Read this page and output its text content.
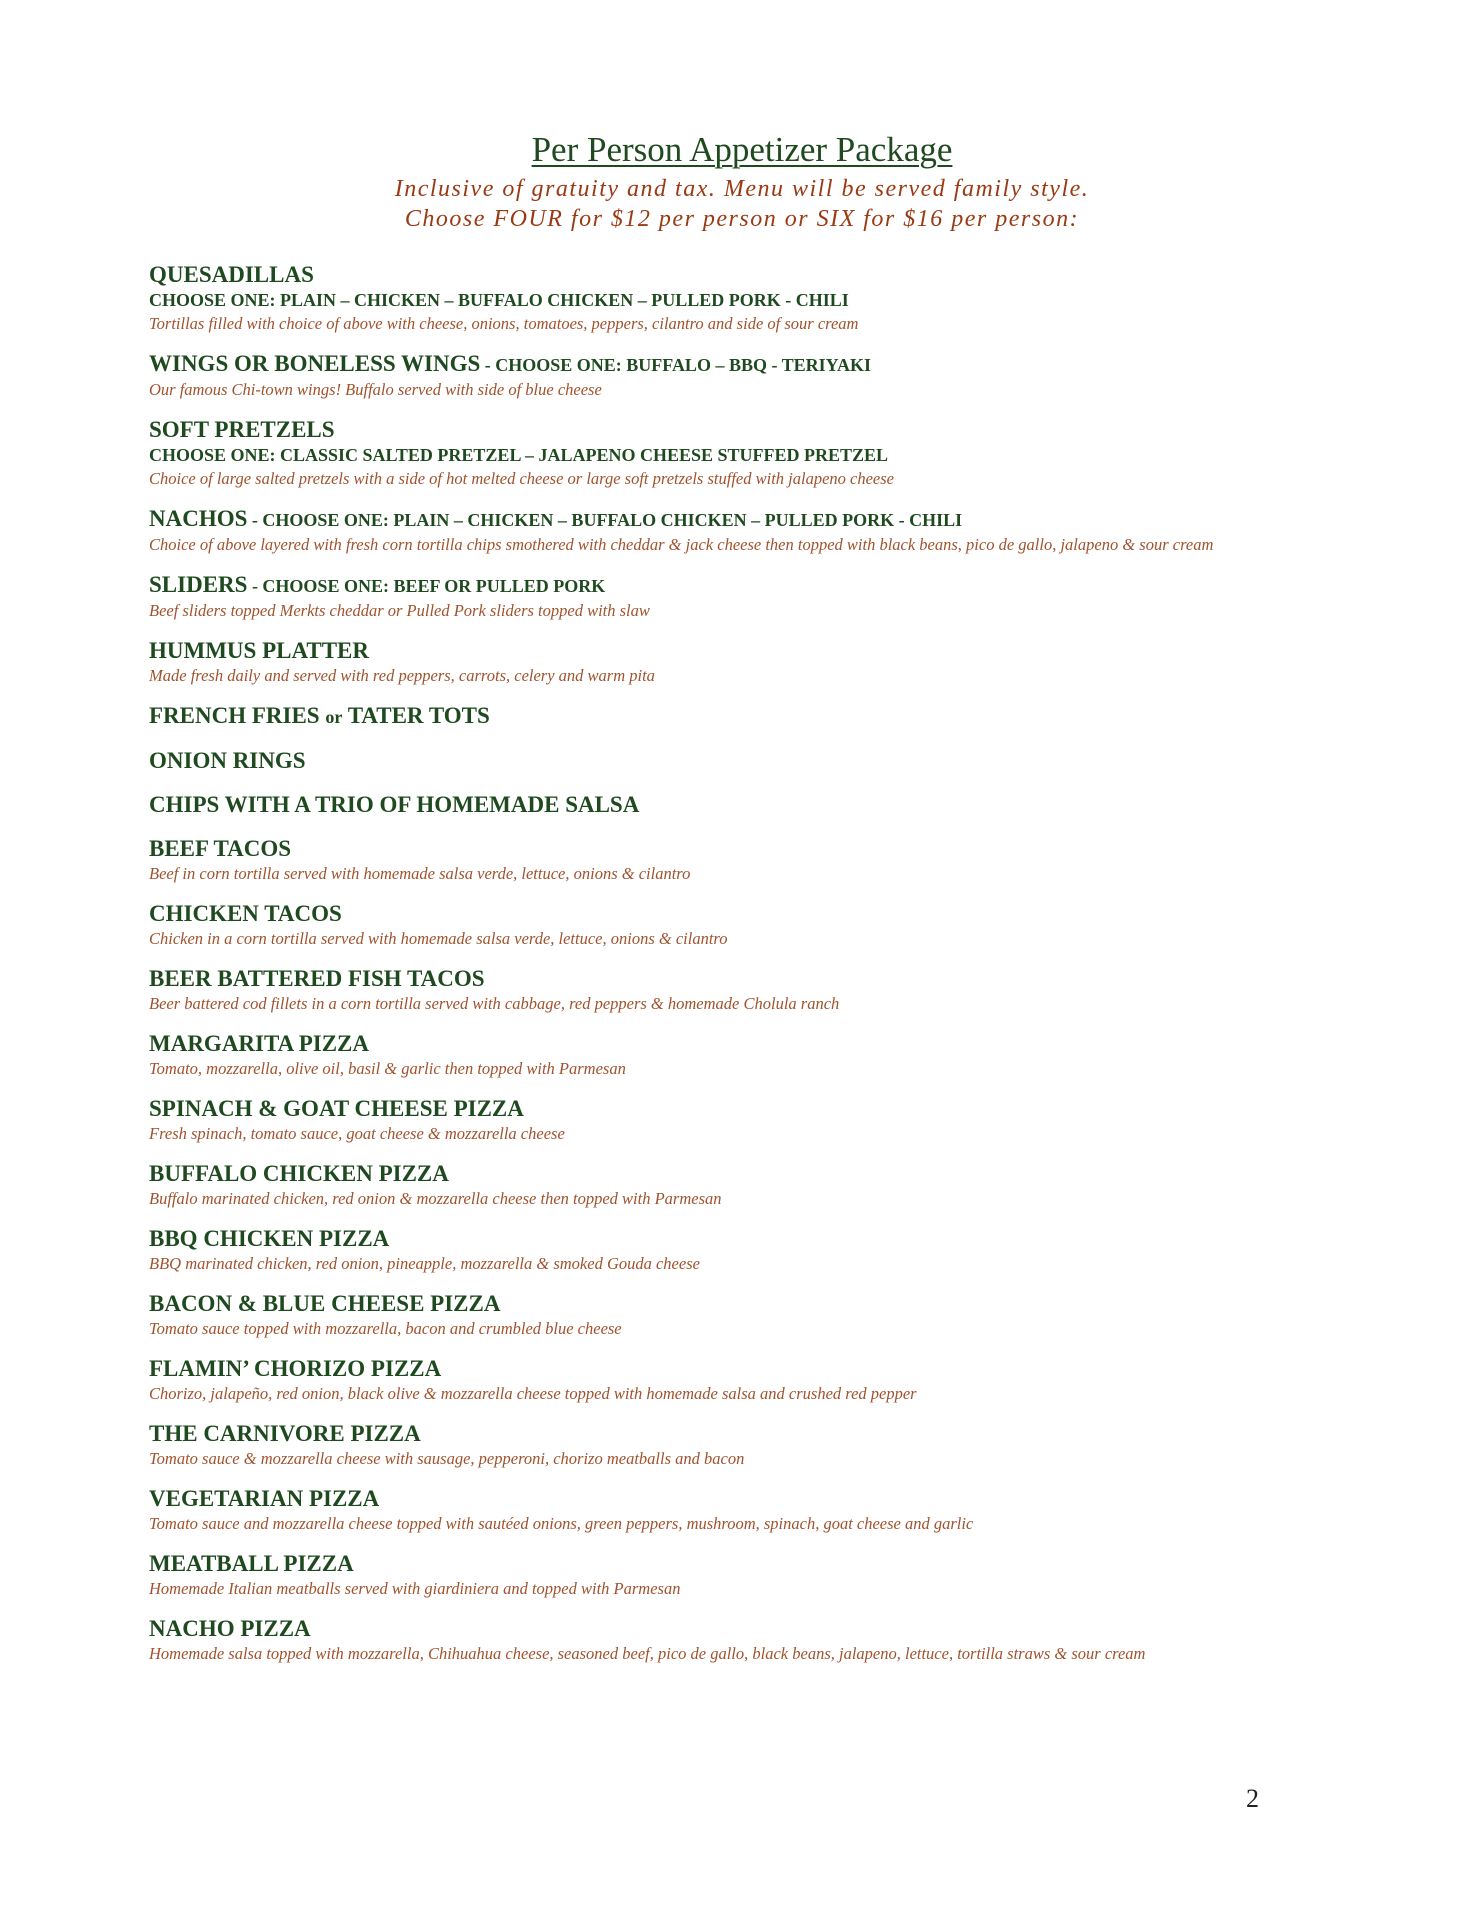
Per Person Appetizer Package
Inclusive of gratuity and tax. Menu will be served family style.
Choose FOUR for $12 per person or SIX for $16 per person:
QUESADILLAS
CHOOSE ONE: PLAIN – CHICKEN – BUFFALO CHICKEN – PULLED PORK - CHILI
Tortillas filled with choice of above with cheese, onions, tomatoes, peppers, cilantro and side of sour cream
WINGS OR BONELESS WINGS - CHOOSE ONE: BUFFALO – BBQ - TERIYAKI
Our famous Chi-town wings! Buffalo served with side of blue cheese
SOFT PRETZELS
CHOOSE ONE: CLASSIC SALTED PRETZEL – JALAPENO CHEESE STUFFED PRETZEL
Choice of large salted pretzels with a side of hot melted cheese or large soft pretzels stuffed with jalapeno cheese
NACHOS - CHOOSE ONE: PLAIN – CHICKEN – BUFFALO CHICKEN – PULLED PORK - CHILI
Choice of above layered with fresh corn tortilla chips smothered with cheddar & jack cheese then topped with black beans, pico de gallo, jalapeno & sour cream
SLIDERS - CHOOSE ONE: BEEF OR PULLED PORK
Beef sliders topped Merkts cheddar or Pulled Pork sliders topped with slaw
HUMMUS PLATTER
Made fresh daily and served with red peppers, carrots, celery and warm pita
FRENCH FRIES or TATER TOTS
ONION RINGS
CHIPS WITH A TRIO OF HOMEMADE SALSA
BEEF TACOS
Beef in corn tortilla served with homemade salsa verde, lettuce, onions & cilantro
CHICKEN TACOS
Chicken in a corn tortilla served with homemade salsa verde, lettuce, onions & cilantro
BEER BATTERED FISH TACOS
Beer battered cod fillets in a corn tortilla served with cabbage, red peppers & homemade Cholula ranch
MARGARITA PIZZA
Tomato, mozzarella, olive oil, basil & garlic then topped with Parmesan
SPINACH & GOAT CHEESE PIZZA
Fresh spinach, tomato sauce, goat cheese & mozzarella cheese
BUFFALO CHICKEN PIZZA
Buffalo marinated chicken, red onion & mozzarella cheese then topped with Parmesan
BBQ CHICKEN PIZZA
BBQ marinated chicken, red onion, pineapple, mozzarella & smoked Gouda cheese
BACON & BLUE CHEESE PIZZA
Tomato sauce topped with mozzarella, bacon and crumbled blue cheese
FLAMIN’ CHORIZO PIZZA
Chorizo, jalapeño, red onion, black olive & mozzarella cheese topped with homemade salsa and crushed red pepper
THE CARNIVORE PIZZA
Tomato sauce & mozzarella cheese with sausage, pepperoni, chorizo meatballs and bacon
VEGETARIAN PIZZA
Tomato sauce and mozzarella cheese topped with sautéed onions, green peppers, mushroom, spinach, goat cheese and garlic
MEATBALL PIZZA
Homemade Italian meatballs served with giardiniera and topped with Parmesan
NACHO PIZZA
Homemade salsa topped with mozzarella, Chihuahua cheese, seasoned beef, pico de gallo, black beans, jalapeno, lettuce, tortilla straws & sour cream
2
